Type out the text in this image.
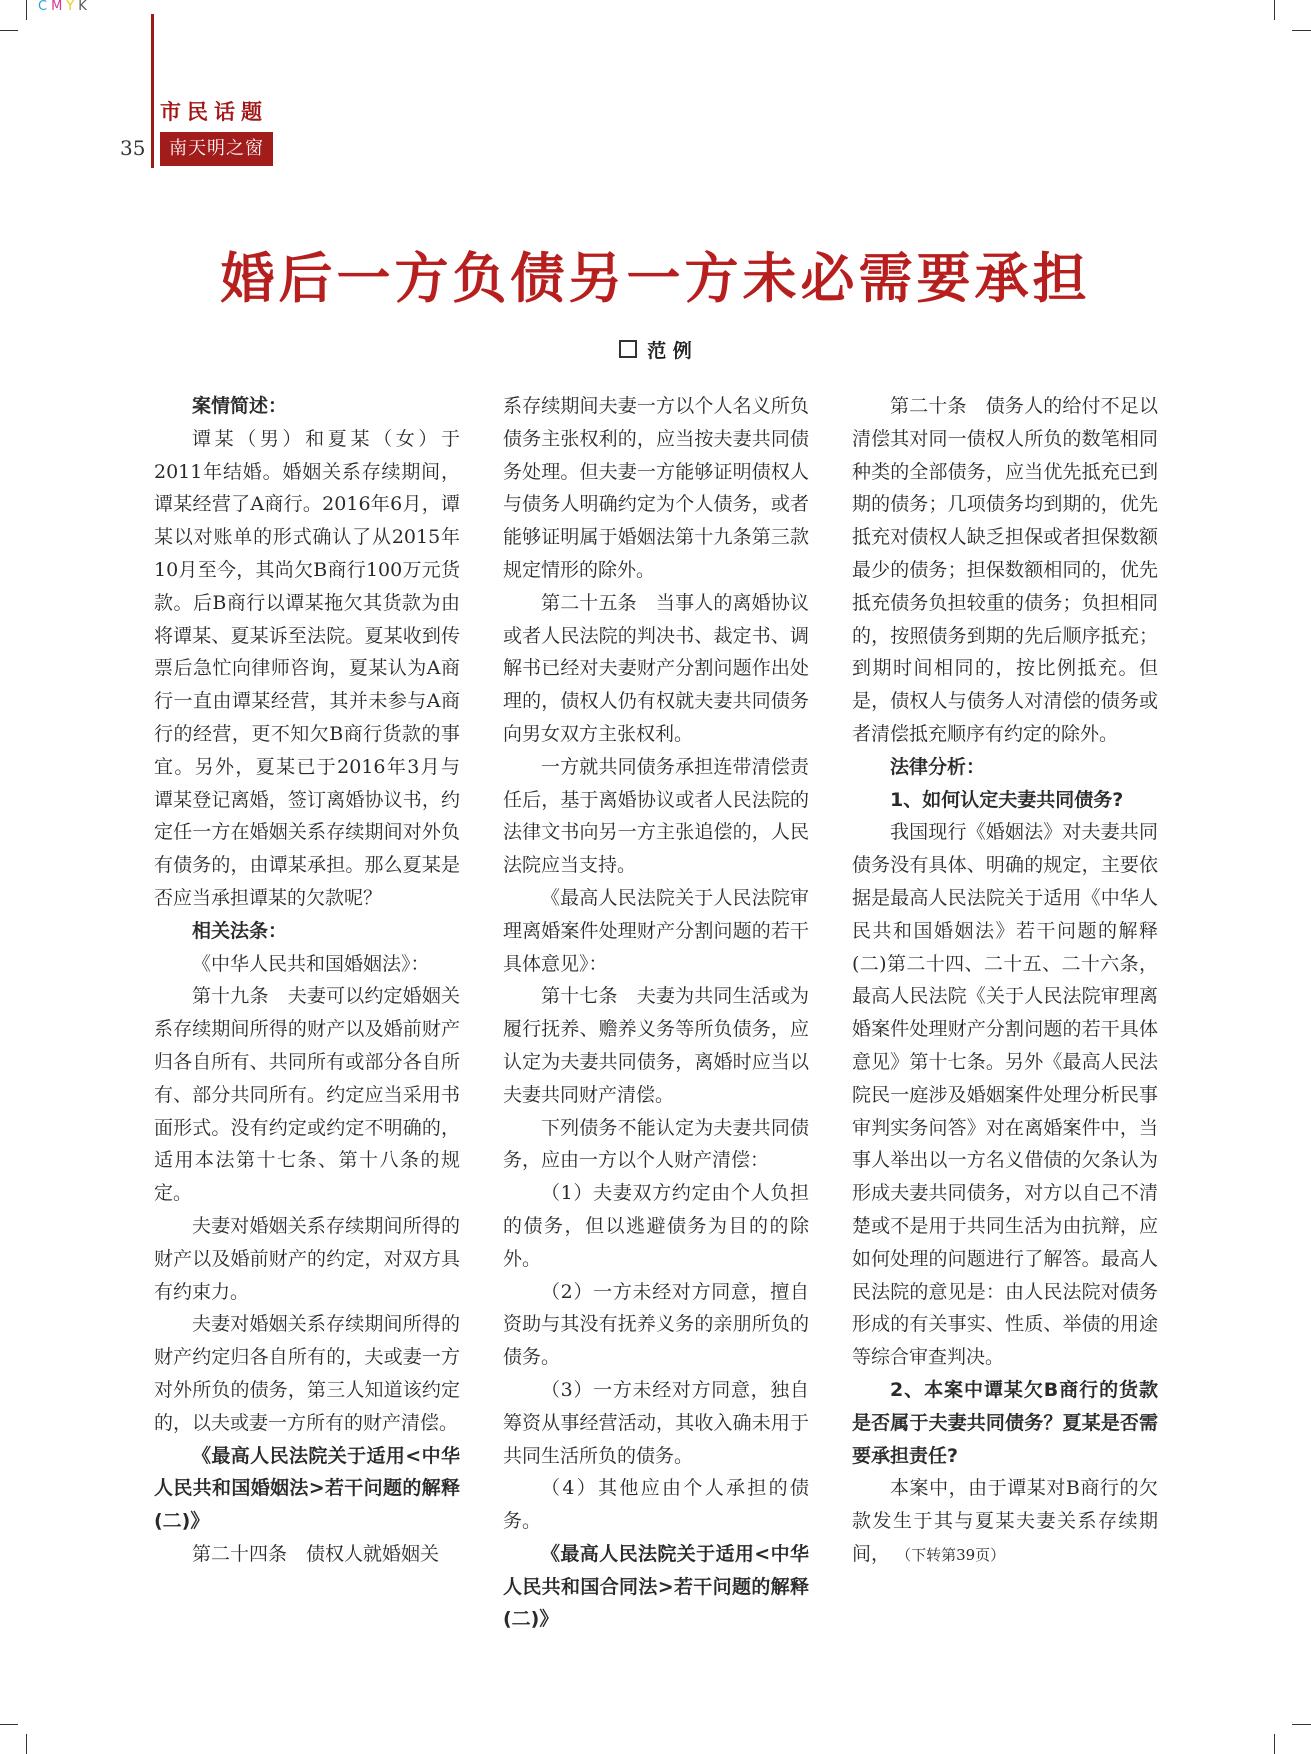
CMYK
市民话题
35	南天明之窗
婚后一方负债另一方未必需要承担
范 例

案情简述：

谭某（男）和夏某（女）于2011年结婚。婚姻关系存续期间，谭某经营了A商行。2016年6月，谭某以对账单的形式确认了从2015年10月至今，其尚欠B商行100万元货款。后B商行以谭某拖欠其货款为由将谭某、夏某诉至法院。夏某收到传票后急忙向律师咨询，夏某认为A商行一直由谭某经营，其并未参与A商行的经营，更不知欠B商行货款的事宜。另外，夏某已于2016年3月与谭某登记离婚，签订离婚协议书，约定任一方在婚姻关系存续期间对外负有债务的，由谭某承担。那么夏某是否应当承担谭某的欠款呢？

相关法条：

《中华人民共和国婚姻法》：

第十九条　夫妻可以约定婚姻关系存续期间所得的财产以及婚前财产归各自所有、共同所有或部分各自所有、部分共同所有。约定应当采用书面形式。没有约定或约定不明确的，适用本法第十七条、第十八条的规定。

夫妻对婚姻关系存续期间所得的财产以及婚前财产的约定，对双方具有约束力。

夫妻对婚姻关系存续期间所得的财产约定归各自所有的，夫或妻一方对外所负的债务，第三人知道该约定的，以夫或妻一方所有的财产清偿。

《最高人民法院关于适用<中华人民共和国婚姻法>若干问题的解释(二)》

第二十四条　债权人就婚姻关

系存续期间夫妻一方以个人名义所负债务主张权利的，应当按夫妻共同债务处理。但夫妻一方能够证明债权人与债务人明确约定为个人债务，或者能够证明属于婚姻法第十九条第三款规定情形的除外。

第二十五条　当事人的离婚协议或者人民法院的判决书、裁定书、调解书已经对夫妻财产分割问题作出处理的，债权人仍有权就夫妻共同债务向男女双方主张权利。

一方就共同债务承担连带清偿责任后，基于离婚协议或者人民法院的法律文书向另一方主张追偿的，人民法院应当支持。

《最高人民法院关于人民法院审理离婚案件处理财产分割问题的若干具体意见》：

第十七条　夫妻为共同生活或为履行抚养、赡养义务等所负债务，应认定为夫妻共同债务，离婚时应当以夫妻共同财产清偿。

下列债务不能认定为夫妻共同债务，应由一方以个人财产清偿：

（1）夫妻双方约定由个人负担的债务，但以逃避债务为目的的除外。

（2）一方未经对方同意，擅自资助与其没有抚养义务的亲朋所负的债务。

（3）一方未经对方同意，独自筹资从事经营活动，其收入确未用于共同生活所负的债务。

（4）其他应由个人承担的债务。

《最高人民法院关于适用<中华人民共和国合同法>若干问题的解释(二)》

第二十条　债务人的给付不足以清偿其对同一债权人所负的数笔相同种类的全部债务，应当优先抵充已到期的债务；几项债务均到期的，优先抵充对债权人缺乏担保或者担保数额最少的债务；担保数额相同的，优先抵充债务负担较重的债务；负担相同的，按照债务到期的先后顺序抵充；到期时间相同的，按比例抵充。但是，债权人与债务人对清偿的债务或者清偿抵充顺序有约定的除外。

法律分析：

1、如何认定夫妻共同债务?

我国现行《婚姻法》对夫妻共同债务没有具体、明确的规定，主要依据是最高人民法院关于适用《中华人民共和国婚姻法》若干问题的解释(二)第二十四、二十五、二十六条，最高人民法院《关于人民法院审理离婚案件处理财产分割问题的若干具体意见》第十七条。另外《最高人民法院民一庭涉及婚姻案件处理分析民事审判实务问答》对在离婚案件中，当事人举出以一方名义借债的欠条认为形成夫妻共同债务，对方以自己不清楚或不是用于共同生活为由抗辩，应如何处理的问题进行了解答。最高人民法院的意见是：由人民法院对债务形成的有关事实、性质、举债的用途等综合审查判决。

2、本案中谭某欠B商行的货款是否属于夫妻共同债务？夏某是否需要承担责任?

本案中，由于谭某对B商行的欠款发生于其与夏某夫妻关系存续期间， （下转第39页）
